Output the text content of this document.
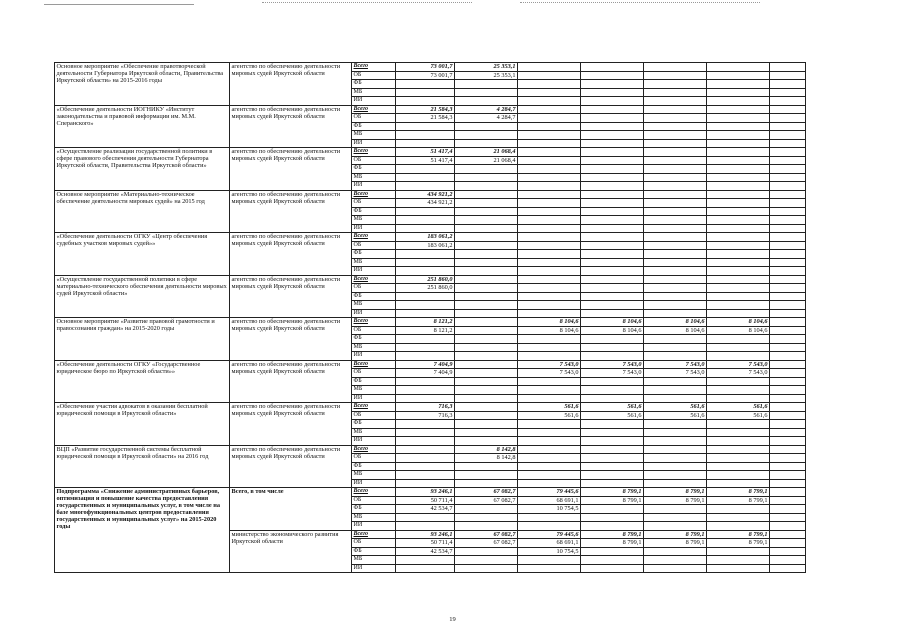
Основное мероприятие «Обеспечение правотворческой деятельности Губернатора Иркутской области, Правительства Иркутской области» на 2015-2016 годы	агентство по обеспечению деятельности мировых судей Иркутской области	Всего	73 001,7	25 353,1					
		ОБ	73 001,7	25 353,1					
		ФБ							
		МБ							
		ИИ							
«Обеспечение деятельности ИОГНИКУ «Институт законодательства и правовой информации им. М.М. Сперанского»	агентство по обеспечению деятельности мировых судей Иркутской области	Всего	21 584,3	4 284,7					
		ОБ	21 584,3	4 284,7					
		ФБ							
		МБ							
		ИИ							
«Осуществление реализации государственной политики в сфере правового обеспечения деятельности Губернатора Иркутской области, Правительства Иркутской области»	агентство по обеспечению деятельности мировых судей Иркутской области	Всего	51 417,4	21 068,4					
		ОБ	51 417,4	21 068,4					
		ФБ							
		МБ							
		ИИ							
Основное мероприятие «Материально-техническое обеспечение деятельности мировых судей» на 2015 год	агентство по обеспечению деятельности мировых судей Иркутской области	Всего	434 921,2						
		ОБ	434 921,2						
		ФБ							
		МБ							
		ИИ							
«Обеспечение деятельности ОГКУ «Центр обеспечения судебных участков мировых судей»»	агентство по обеспечению деятельности мировых судей Иркутской области	Всего	183 061,2						
		ОБ	183 061,2						
		ФБ							
		МБ							
		ИИ							
«Осуществление государственной политики в сфере материально-технического обеспечения деятельности мировых судей Иркутской области»	агентство по обеспечению деятельности мировых судей Иркутской области	Всего	251 860,0						
		ОБ	251 860,0						
		ФБ							
		МБ							
		ИИ							
Основное мероприятие «Развитие правовой грамотности и правосознания граждан» на 2015-2020 годы	агентство по обеспечению деятельности мировых судей Иркутской области	Всего	8 121,2		8 104,6	8 104,6	8 104,6	8 104,6	
		ОБ	8 121,2		8 104,6	8 104,6	8 104,6	8 104,6	
		ФБ							
		МБ							
		ИИ							
«Обеспечение деятельности ОГКУ «Государственное юридическое бюро по Иркутской области»»	агентство по обеспечению деятельности мировых судей Иркутской области	Всего	7 404,9		7 543,0	7 543,0	7 543,0	7 543,0	
		ОБ	7 404,9		7 543,0	7 543,0	7 543,0	7 543,0	
		ФБ							
		МБ							
		ИИ							
«Обеспечение участия адвокатов в оказании бесплатной юридической помощи в Иркутской области»	агентство по обеспечению деятельности мировых судей Иркутской области	Всего	716,3		561,6	561,6	561,6	561,6	
		ОБ	716,3		561,6	561,6	561,6	561,6	
		ФБ							
		МБ							
		ИИ							
ВЦП «Развитие государственной системы бесплатной юридической помощи в Иркутской области» на 2016 год	агентство по обеспечению деятельности мировых судей Иркутской области	Всего		8 142,8					
		ОБ		8 142,8					
		ФБ							
		МБ							
		ИИ							
Подпрограмма «Снижение административных барьеров, оптимизация и повышение качества предоставления государственных и муниципальных услуг, в том числе на базе многофункциональных центров предоставления государственных и муниципальных услуг» на 2015-2020 годы	Всего, в том числе	Всего	93 246,1	67 082,7	79 445,6	8 799,1	8 799,1	8 799,1	
		ОБ	50 711,4	67 082,7	68 691,1	8 799,1	8 799,1	8 799,1	
		ФБ	42 534,7		10 754,5				
		МБ							
		ИИ							
	министерство экономического развития Иркутской области	Всего	93 246,1	67 082,7	79 445,6	8 799,1	8 799,1	8 799,1	
		ОБ	50 711,4	67 082,7	68 691,1	8 799,1	8 799,1	8 799,1	
		ФБ	42 534,7		10 754,5				
		МБ							
		ИИ							
19
